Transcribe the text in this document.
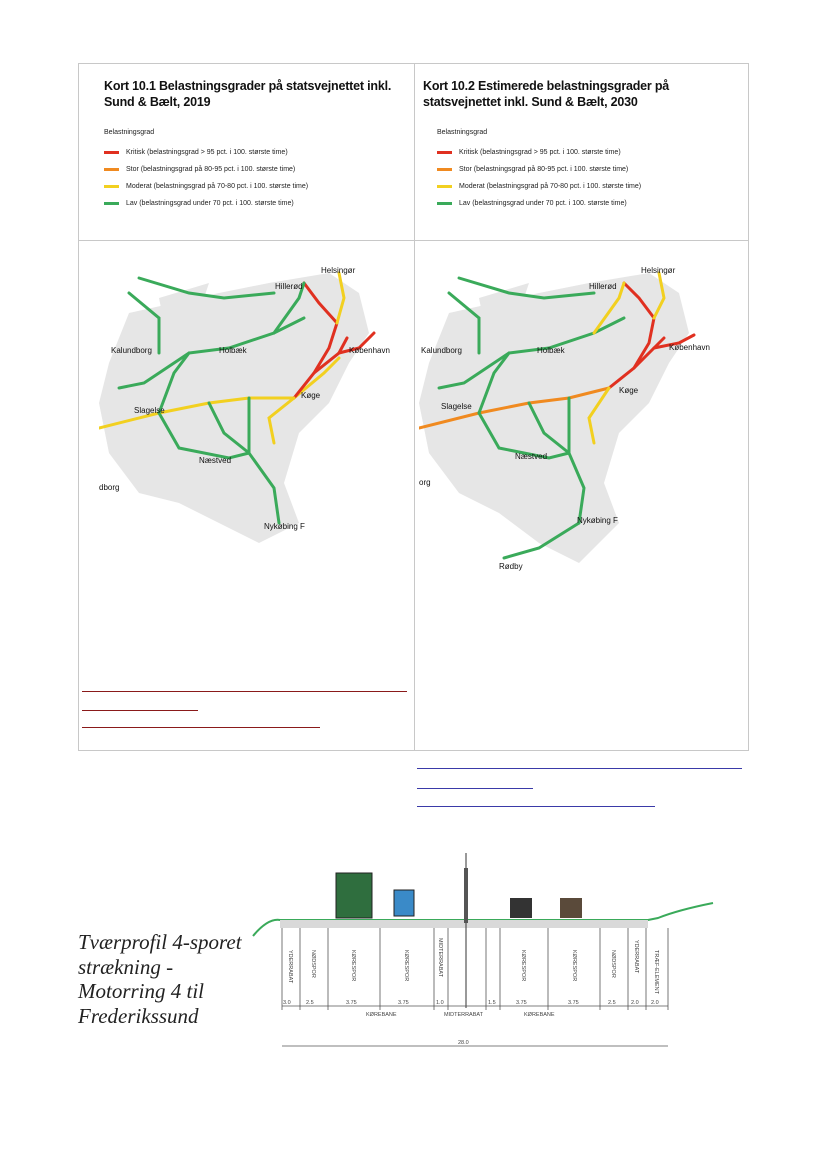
Kort 10.1 Belastningsgrader på statsvejnettet inkl. Sund & Bælt, 2019
Belastningsgrad
Kritisk (belastningsgrad > 95 pct. i 100. største time)
Stor (belastningsgrad på 80-95 pct. i 100. største time)
Moderat (belastningsgrad på 70-80 pct. i 100. største time)
Lav (belastningsgrad under 70 pct. i 100. største time)
Kort 10.2 Estimerede belastningsgrader på statsvejnettet inkl. Sund & Bælt, 2030
Belastningsgrad
Kritisk (belastningsgrad > 95 pct. i 100. største time)
Stor (belastningsgrad på 80-95 pct. i 100. største time)
Moderat (belastningsgrad på 70-80 pct. i 100. største time)
Lav (belastningsgrad under 70 pct. i 100. største time)
Helsingør
Hillerød
Kalundborg	Holbæk	København
Køge
Slagelse
Næstved
dborg
Nykøbing F
Helsingør
Hillerød
Kalundborg	Holbæk	København
Køge
Slagelse
Næstved
org
Nykøbing F
Rødby
Tværprofil 4-sporet strækning - Motorring 4 til Frederikssund
YDERRABAT	NØDSPOR	KØRESPOR	KØRESPOR	MIDTERRABAT	KØRESPOR	KØRESPOR	NØDSPOR	YDERRABAT	TRÆF-ELEMENT
3.0	2.5	3.75	3.75	1.0	1.5	3.75	3.75	2.5	2.0 2.0
KØREBANE	MIDTERRABAT	KØREBANE
28.0
